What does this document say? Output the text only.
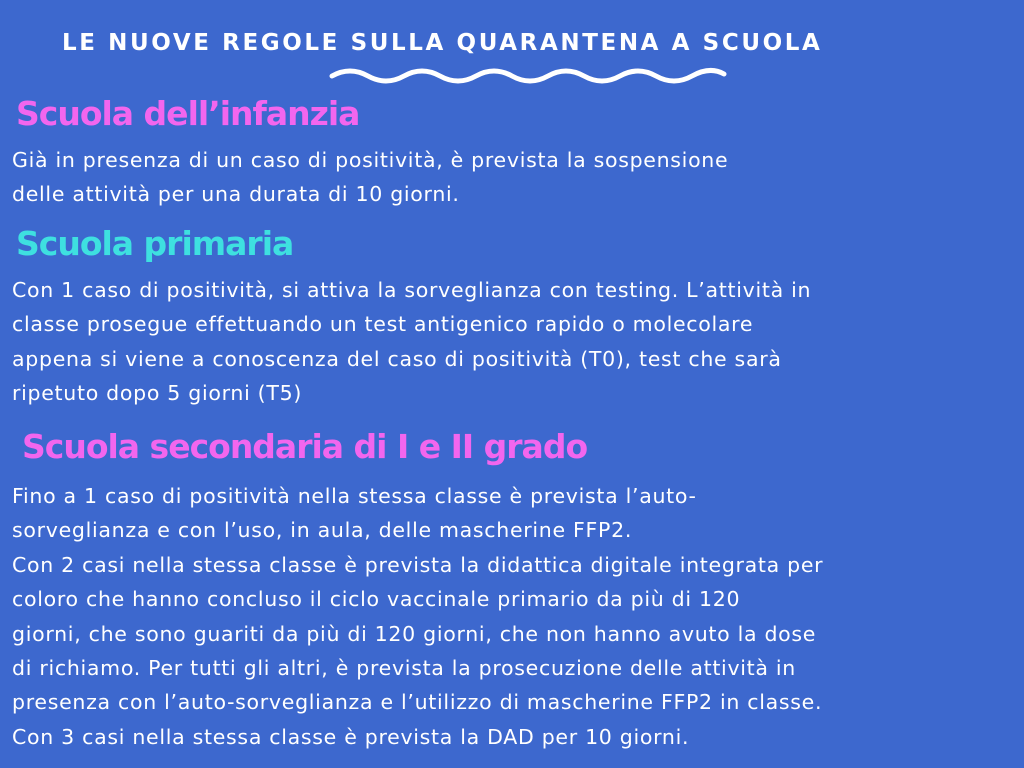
LE NUOVE REGOLE SULLA QUARANTENA A SCUOLA
Scuola dell’infanzia

Già in presenza di un caso di positività, è prevista la sospensione
delle attività per una durata di 10 giorni.

Scuola primaria

Con 1 caso di positività, si attiva la sorveglianza con testing. L’attività in
classe prosegue effettuando un test antigenico rapido o molecolare
appena si viene a conoscenza del caso di positività (T0), test che sarà
ripetuto dopo 5 giorni (T5)

Scuola secondaria di I e II grado

Fino a 1 caso di positività nella stessa classe è prevista l’auto-
sorveglianza e con l’uso, in aula, delle mascherine FFP2.
Con 2 casi nella stessa classe è prevista la didattica digitale integrata per
coloro che hanno concluso il ciclo vaccinale primario da più di 120
giorni, che sono guariti da più di 120 giorni, che non hanno avuto la dose
di richiamo. Per tutti gli altri, è prevista la prosecuzione delle attività in
presenza con l’auto-sorveglianza e l’utilizzo di mascherine FFP2 in classe.
Con 3 casi nella stessa classe è prevista la DAD per 10 giorni.
